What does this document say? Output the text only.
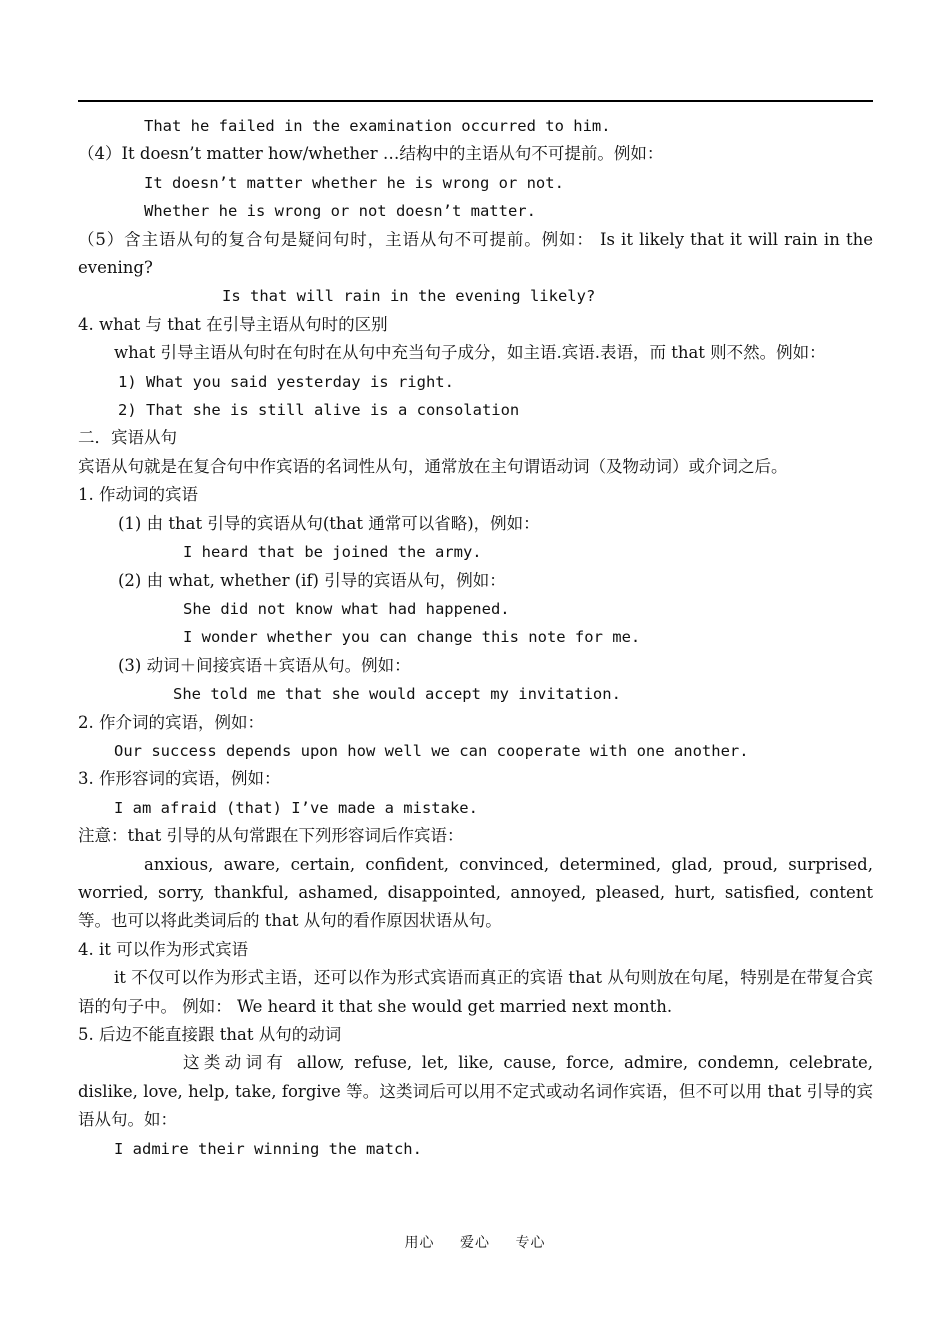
That he failed in the examination occurred to him.
（4）It doesn’t matter how/whether …结构中的主语从句不可提前。例如：
It doesn’t matter whether he is wrong or not.
Whether he is wrong or not doesn’t matter.
（5）含主语从句的复合句是疑问句时，主语从句不可提前。例如： Is it likely that it will rain in the evening?
Is that will rain in the evening likely?
4. what 与 that 在引导主语从句时的区别
what 引导主语从句时在句时在从句中充当句子成分，如主语.宾语.表语，而 that 则不然。例如：
1) What you said yesterday is right.
2) That she is still alive is a consolation
二．宾语从句
宾语从句就是在复合句中作宾语的名词性从句，通常放在主句谓语动词（及物动词）或介词之后。
1. 作动词的宾语
(1) 由 that 引导的宾语从句(that 通常可以省略)，例如：
I heard that be joined the army.
(2) 由 what, whether (if) 引导的宾语从句，例如：
She did not know what had happened.
I wonder whether you can change this note for me.
(3) 动词＋间接宾语＋宾语从句。例如：
She told me that she would accept my invitation.
2. 作介词的宾语，例如：
Our success depends upon how well we can cooperate with one another.
3. 作形容词的宾语，例如：
I am afraid (that) I’ve made a mistake.
注意：that 引导的从句常跟在下列形容词后作宾语：
anxious, aware, certain, confident, convinced, determined, glad, proud, surprised, worried, sorry, thankful, ashamed, disappointed, annoyed, pleased, hurt, satisfied, content 等。也可以将此类词后的 that 从句的看作原因状语从句。
4. it 可以作为形式宾语
it 不仅可以作为形式主语，还可以作为形式宾语而真正的宾语 that 从句则放在句尾，特别是在带复合宾语的句子中。 例如： We heard it that she would get married next month.
5. 后边不能直接跟 that 从句的动词
这类动词有 allow, refuse, let, like, cause, force, admire, condemn, celebrate, dislike, love, help, take, forgive 等。这类词后可以用不定式或动名词作宾语，但不可以用 that 引导的宾语从句。如：
I admire their winning the match.
用心 爱心 专心
